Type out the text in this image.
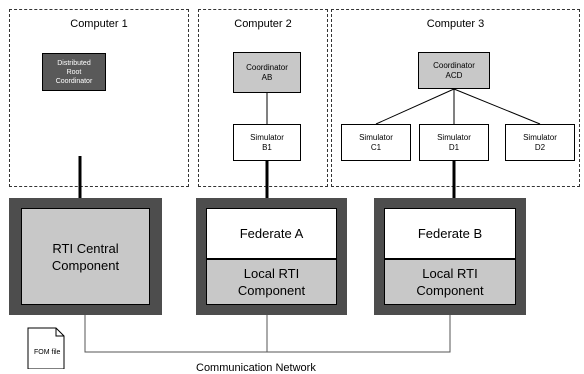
Computer 1	Computer 2	Computer 3
Distributed
Root
Coordinator
Coordinator
AB
Simulator
B1
Coordinator
ACD
Simulator
C1
Simulator
D1
Simulator
D2
RTI Central
Component
Federate A
Local RTI
Component
Federate B
Local RTI
Component
FOM file
Communication Network
